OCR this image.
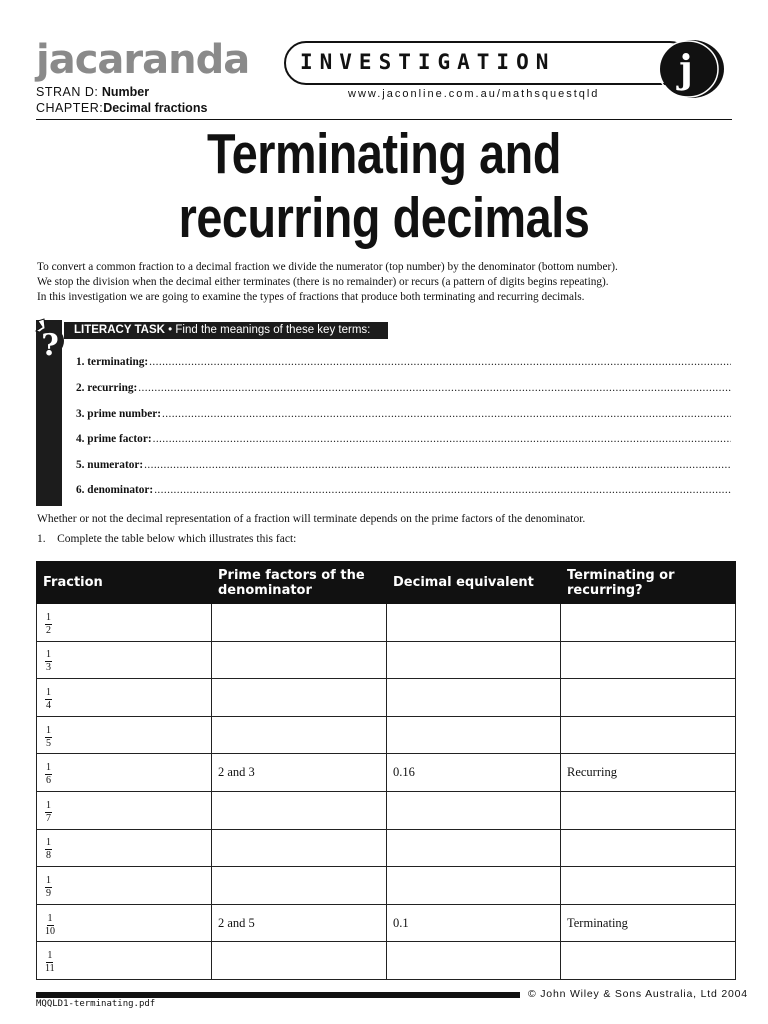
jacaranda
STRAN D: Number
CHAPTER:Decimal fractions
INVESTIGATION
www.jaconline.com.au/mathsquestqld
j
Terminating and
recurring decimals
To convert a common fraction to a decimal fraction we divide the numerator (top number) by the denominator (bottom number).
We stop the division when the decimal either terminates (there is no remainder) or recurs (a pattern of digits begins repeating).
In this investigation we are going to examine the types of fractions that produce both terminating and recurring decimals.
?	LITERACY TASK • Find the meanings of these key terms:
1. terminating:
.....
2. recurring:
.....
3. prime number:
.....
4. prime factor:
.....
5. numerator:
.....
6. denominator:
.....
Whether or not the decimal representation of a fraction will terminate depends on the prime factors of the denominator.
1.    Complete the table below which illustrates this fact:
Fraction	Prime factors of the denominator	Decimal equivalent	Terminating or recurring?

$\frac{1}{2}$

$\frac{1}{3}$

$\frac{1}{4}$

$\frac{1}{5}$

$\frac{1}{6}$	2 and 3	0.16	Recurring

$\frac{1}{7}$

$\frac{1}{8}$

$\frac{1}{9}$

$\frac{1}{10}$	2 and 5	0.1	Terminating

$\frac{1}{11}$

© John Wiley & Sons Australia, Ltd 2004
MQQLD1-terminating.pdf
